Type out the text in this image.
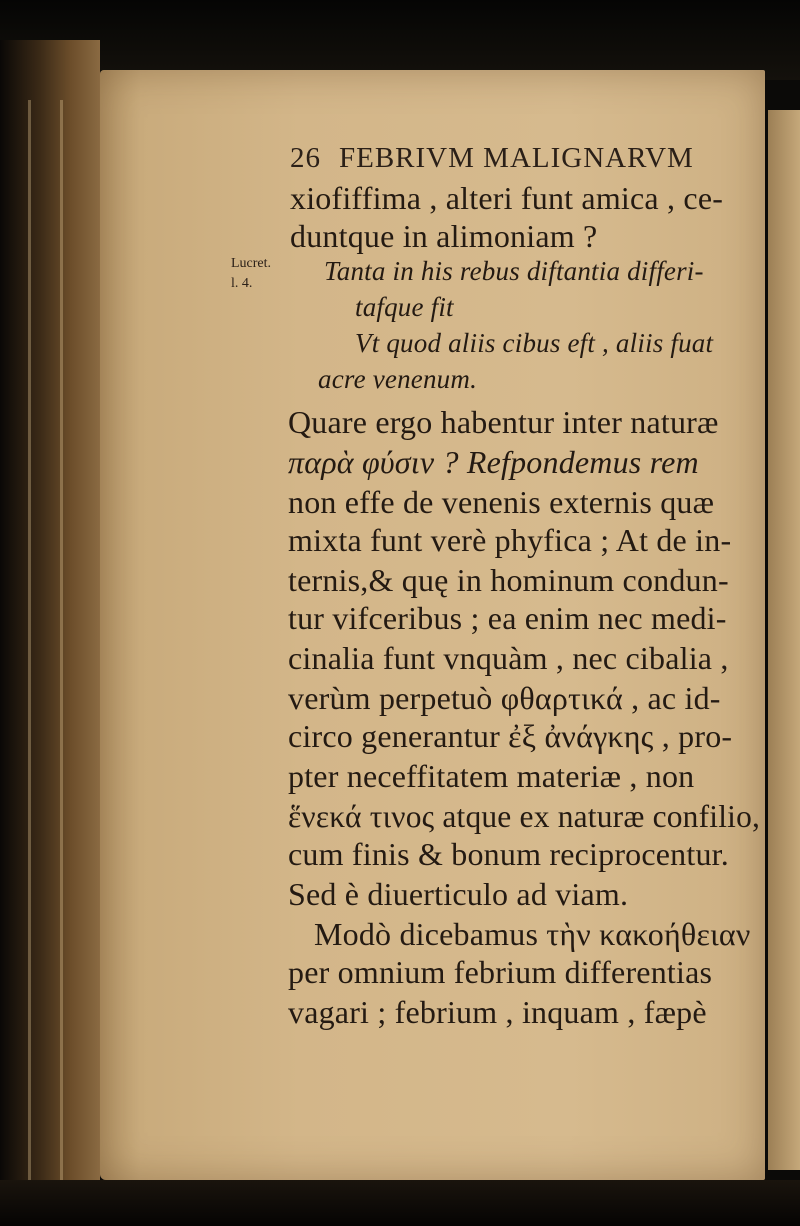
26 FEBRIVM MALIGNARVM
Lucret.
l. 4.
xiofiffima , alteri funt amica , ce-
duntque in alimoniam ?
Tanta in his rebus diftantia differi-
tafque fit
Vt quod aliis cibus eft , aliis fuat
acre venenum.
Quare ergo habentur inter naturæ
παρὰ φύσιν ? Refpondemus rem
non effe de venenis externis quæ
mixta funt verè phyfica ; At de in-
ternis,& quę in hominum condun-
tur vifceribus ; ea enim nec medi-
cinalia funt vnquàm , nec cibalia ,
verùm perpetuò φθαρτικά , ac id-
circo generantur ἐξ ἀνάγκης , pro-
pter neceffitatem materiæ , non
ἕνεκά τινος atque ex naturæ confilio,
cum finis & bonum reciprocentur.
Sed è diuerticulo ad viam.
Modò dicebamus τὴν κακοήθειαν
per omnium febrium differentias
vagari ; febrium , inquam , fæpè
